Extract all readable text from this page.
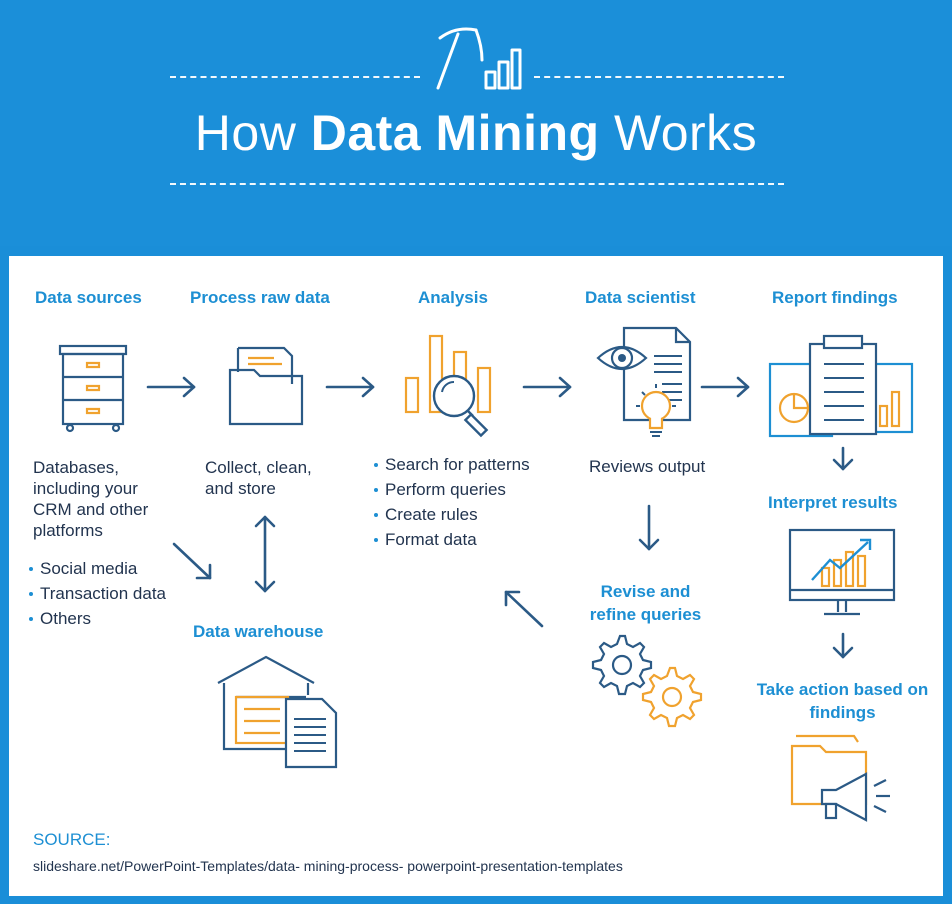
How Data Mining Works
Data sources	Process raw data	Analysis	Data scientist	Report findings
Interpret results
Take action based on findings
Revise and refine queries
Data warehouse
Databases, including your CRM and other platforms
Social media
Transaction data
Others
Collect, clean, and store
Search for patterns
Perform queries
Create rules
Format data
Reviews output
SOURCE:
slideshare.net/PowerPoint-Templates/data- mining-process- powerpoint-presentation-templates
